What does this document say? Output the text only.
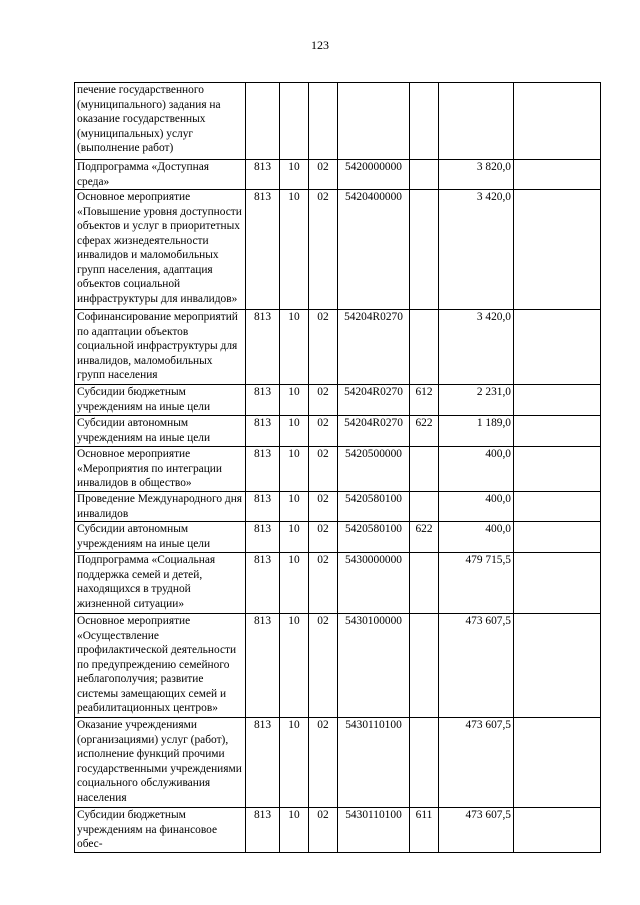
123
печение государственного (муниципального) задания на оказание государственных (муниципальных) услуг (выполнение работ)							
Подпрограмма «Доступная среда»	813	10	02	5420000000		3 820,0	
Основное мероприятие «Повышение уровня доступности объектов и услуг в приоритетных сферах жизнедеятельности инвалидов и маломобильных групп населения, адаптация объектов социальной инфраструктуры для инвалидов»	813	10	02	5420400000		3 420,0	
Софинансирование мероприятий по адаптации объектов социальной инфраструктуры для инвалидов, маломобильных групп населения	813	10	02	54204R0270		3 420,0	
Субсидии бюджетным учреждениям на иные цели	813	10	02	54204R0270	612	2 231,0	
Субсидии автономным учреждениям на иные цели	813	10	02	54204R0270	622	1 189,0	
Основное мероприятие «Мероприятия по интеграции инвалидов в общество»	813	10	02	5420500000		400,0	
Проведение Международного дня инвалидов	813	10	02	5420580100		400,0	
Субсидии автономным учреждениям на иные цели	813	10	02	5420580100	622	400,0	
Подпрограмма «Социальная поддержка семей и детей, находящихся в трудной жизненной ситуации»	813	10	02	5430000000		479 715,5	
Основное мероприятие «Осуществление профилактической деятельности по предупреждению семейного неблагополучия; развитие системы замещающих семей и реабилитационных центров»	813	10	02	5430100000		473 607,5	
Оказание учреждениями (организациями) услуг (работ), исполнение функций прочими государственными учреждениями социального обслуживания населения	813	10	02	5430110100		473 607,5	
Субсидии бюджетным учреждениям на финансовое обес-	813	10	02	5430110100	611	473 607,5	
